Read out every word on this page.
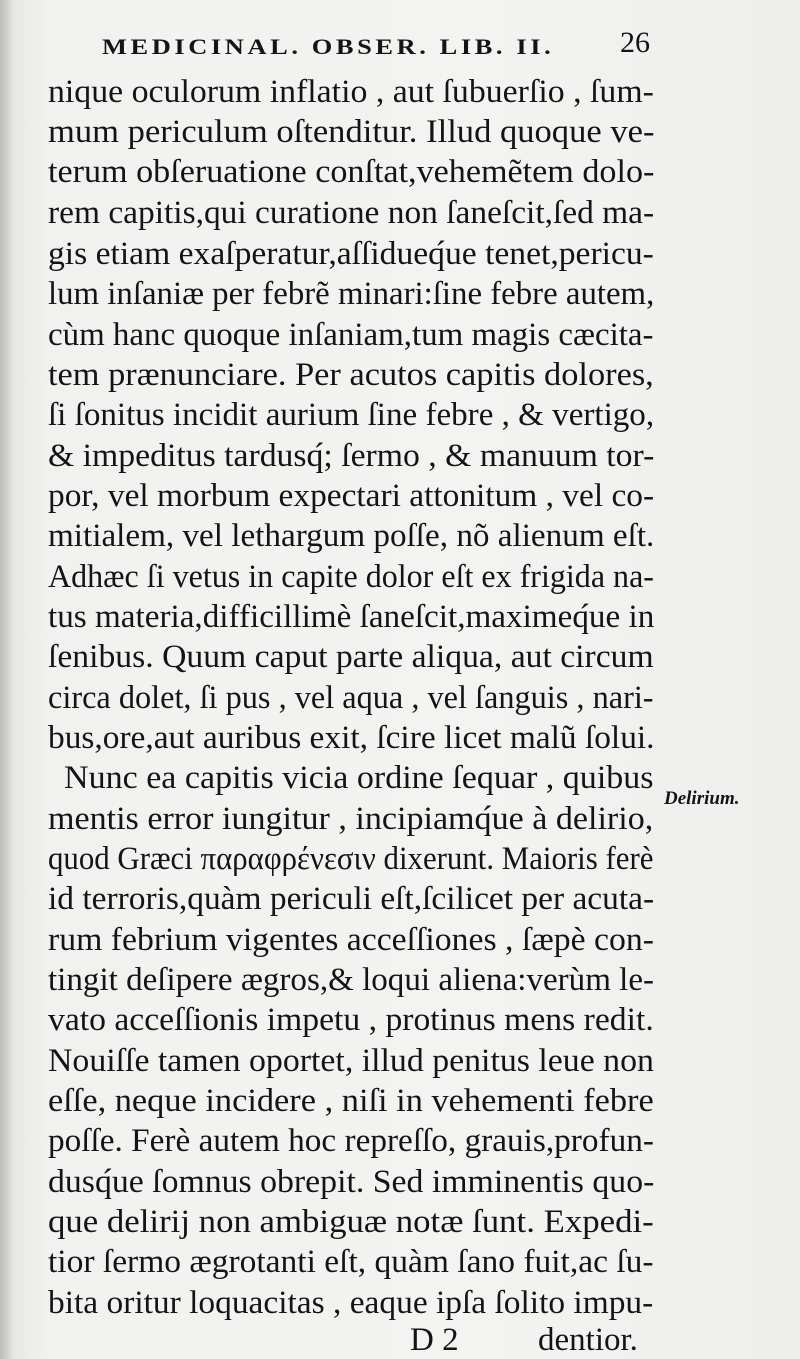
MEDICINAL. OBSER. LIB. II. 26
nique oculorum inflatio , aut ſubuerſio , ſum-
mum periculum oſtenditur. Illud quoque ve-
terum obſeruatione conſtat,vehemẽtem dolo-
rem capitis,qui curatione non ſaneſcit,ſed ma-
gis etiam exaſperatur,aſſidueq́ue tenet,pericu-
lum inſaniæ per febrẽ minari:ſine febre autem,
cùm hanc quoque inſaniam,tum magis cæcita-
tem prænunciare. Per acutos capitis dolores,
ſi ſonitus incidit aurium ſine febre , & vertigo,
& impeditus tardusq́; ſermo , & manuum tor-
por, vel morbum expectari attonitum , vel co-
mitialem, vel lethargum poſſe, nõ alienum eſt.
Adhæc ſi vetus in capite dolor eſt ex frigida na-
tus materia,difficillimè ſaneſcit,maximeq́ue in
ſenibus. Quum caput parte aliqua, aut circum
circa dolet, ſi pus , vel aqua , vel ſanguis , nari-
bus,ore,aut auribus exit, ſcire licet malũ ſolui.
Nunc ea capitis vicia ordine ſequar , quibus
mentis error iungitur , incipiamq́ue à delirio,
quod Græci παραφρένεσιν dixerunt. Maioris ferè
id terroris,quàm periculi eſt,ſcilicet per acuta-
rum febrium vigentes acceſſiones , ſæpè con-
tingit deſipere ægros,& loqui aliena:verùm le-
vato acceſſionis impetu , protinus mens redit.
Nouiſſe tamen oportet, illud penitus leue non
eſſe, neque incidere , niſi in vehementi febre
poſſe. Ferè autem hoc repreſſo, grauis,profun-
dusq́ue ſomnus obrepit. Sed imminentis quo-
que delirij non ambiguæ notæ ſunt. Expedi-
tior ſermo ægrotanti eſt, quàm ſano fuit,ac ſu-
bita oritur loquacitas , eaque ipſa ſolito impu-
Delirium.
D 2 dentior.
